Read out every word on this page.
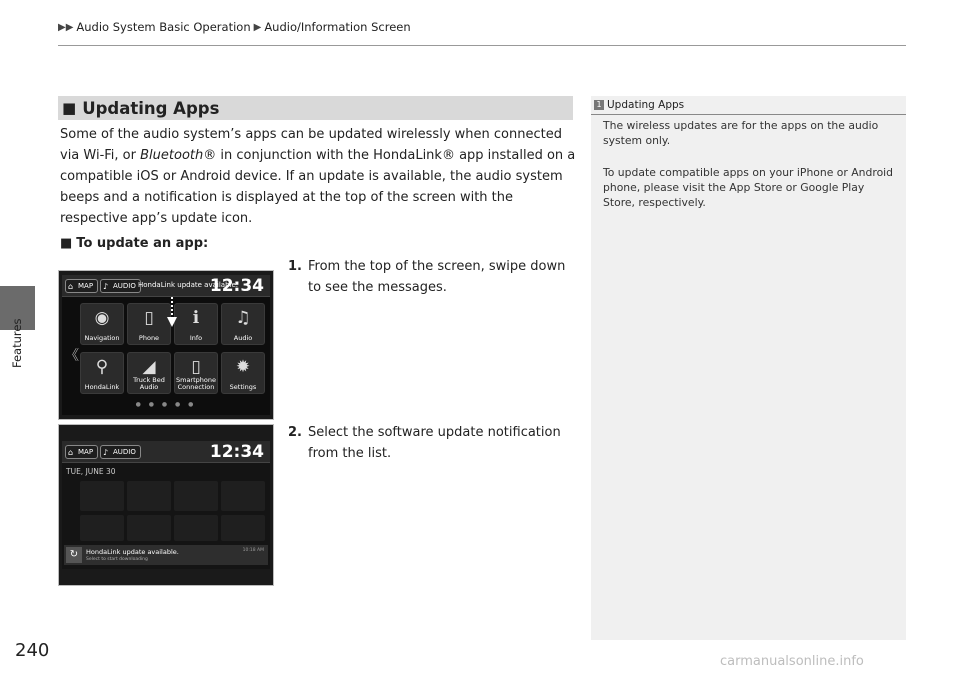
▶▶ Audio System Basic Operation ▶ Audio/Information Screen
Features
■ Updating Apps
Some of the audio system’s apps can be updated wirelessly when connected via Wi-Fi, or Bluetooth® in conjunction with the HondaLink® app installed on a compatible iOS or Android device. If an update is available, the audio system beeps and a notification is displayed at the top of the screen with the respective app’s update icon.
■ To update an app:
1. From the top of the screen, swipe down to see the messages.
2. Select the software update notification from the list.
⌂ MAP	♪ AUDIO HondaLink update available.
12:34
《
◉
Navigation
▯
Phone
ℹ
Info
♫
Audio
⚲
HondaLink
◢
Truck Bed Audio
▯
Smartphone Connection
✹
Settings
● ● ● ● ●
⌂ MAP	♪ AUDIO	12:34
TUE, JUNE 30
↻	HondaLink update available.
Select to start downloading
10:18 AM
1 Updating Apps

The wireless updates are for the apps on the audio system only.

To update compatible apps on your iPhone or Android phone, please visit the App Store or Google Play Store, respectively.

240
carmanualsonline.info
